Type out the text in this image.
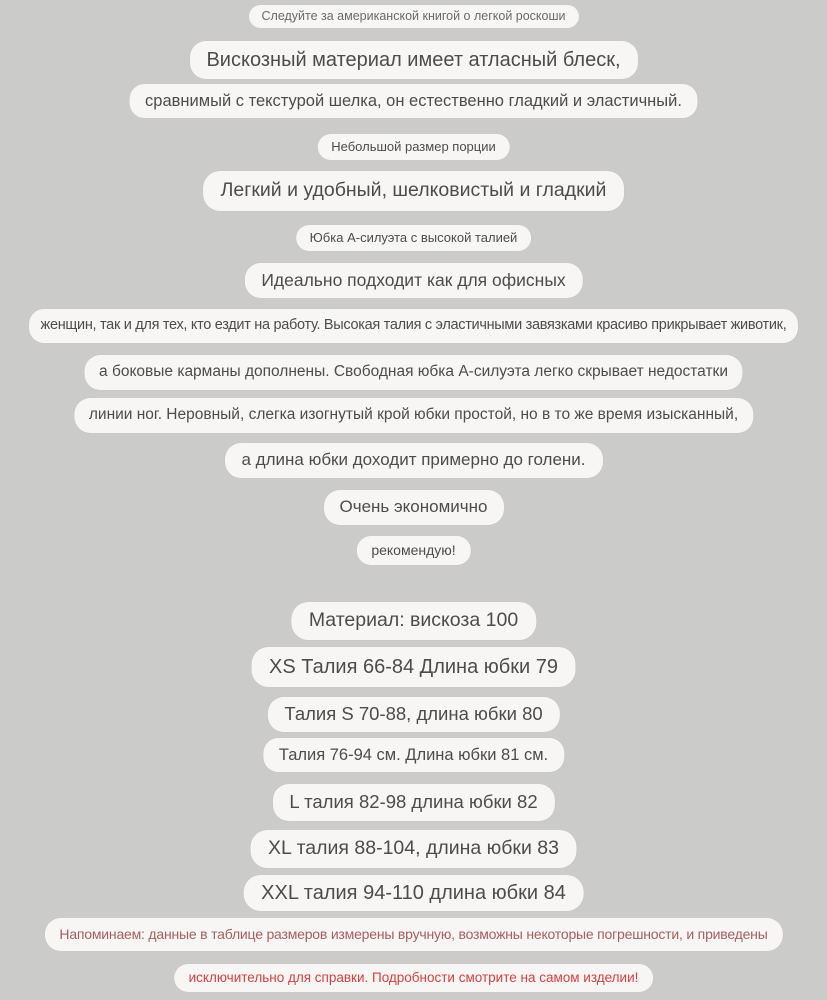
Следуйте за американской книгой о легкой роскоши
Вискозный материал имеет атласный блеск,
сравнимый с текстурой шелка, он естественно гладкий и эластичный.
Небольшой размер порции
Легкий и удобный, шелковистый и гладкий
Юбка А-силуэта с высокой талией
Идеально подходит как для офисных
женщин, так и для тех, кто ездит на работу. Высокая талия с эластичными завязками красиво прикрывает животик,
а боковые карманы дополнены. Свободная юбка А-силуэта легко скрывает недостатки
линии ног. Неровный, слегка изогнутый крой юбки простой, но в то же время изысканный,
а длина юбки доходит примерно до голени.
Очень экономично
рекомендую!
Материал: вискоза 100
XS Талия 66-84 Длина юбки 79
Талия S 70-88, длина юбки 80
Талия 76-94 см. Длина юбки 81 см.
L талия 82-98 длина юбки 82
XL талия 88-104, длина юбки 83
XXL талия 94-110 длина юбки 84
Напоминаем: данные в таблице размеров измерены вручную, возможны некоторые погрешности, и приведены
исключительно для справки. Подробности смотрите на самом изделии!
